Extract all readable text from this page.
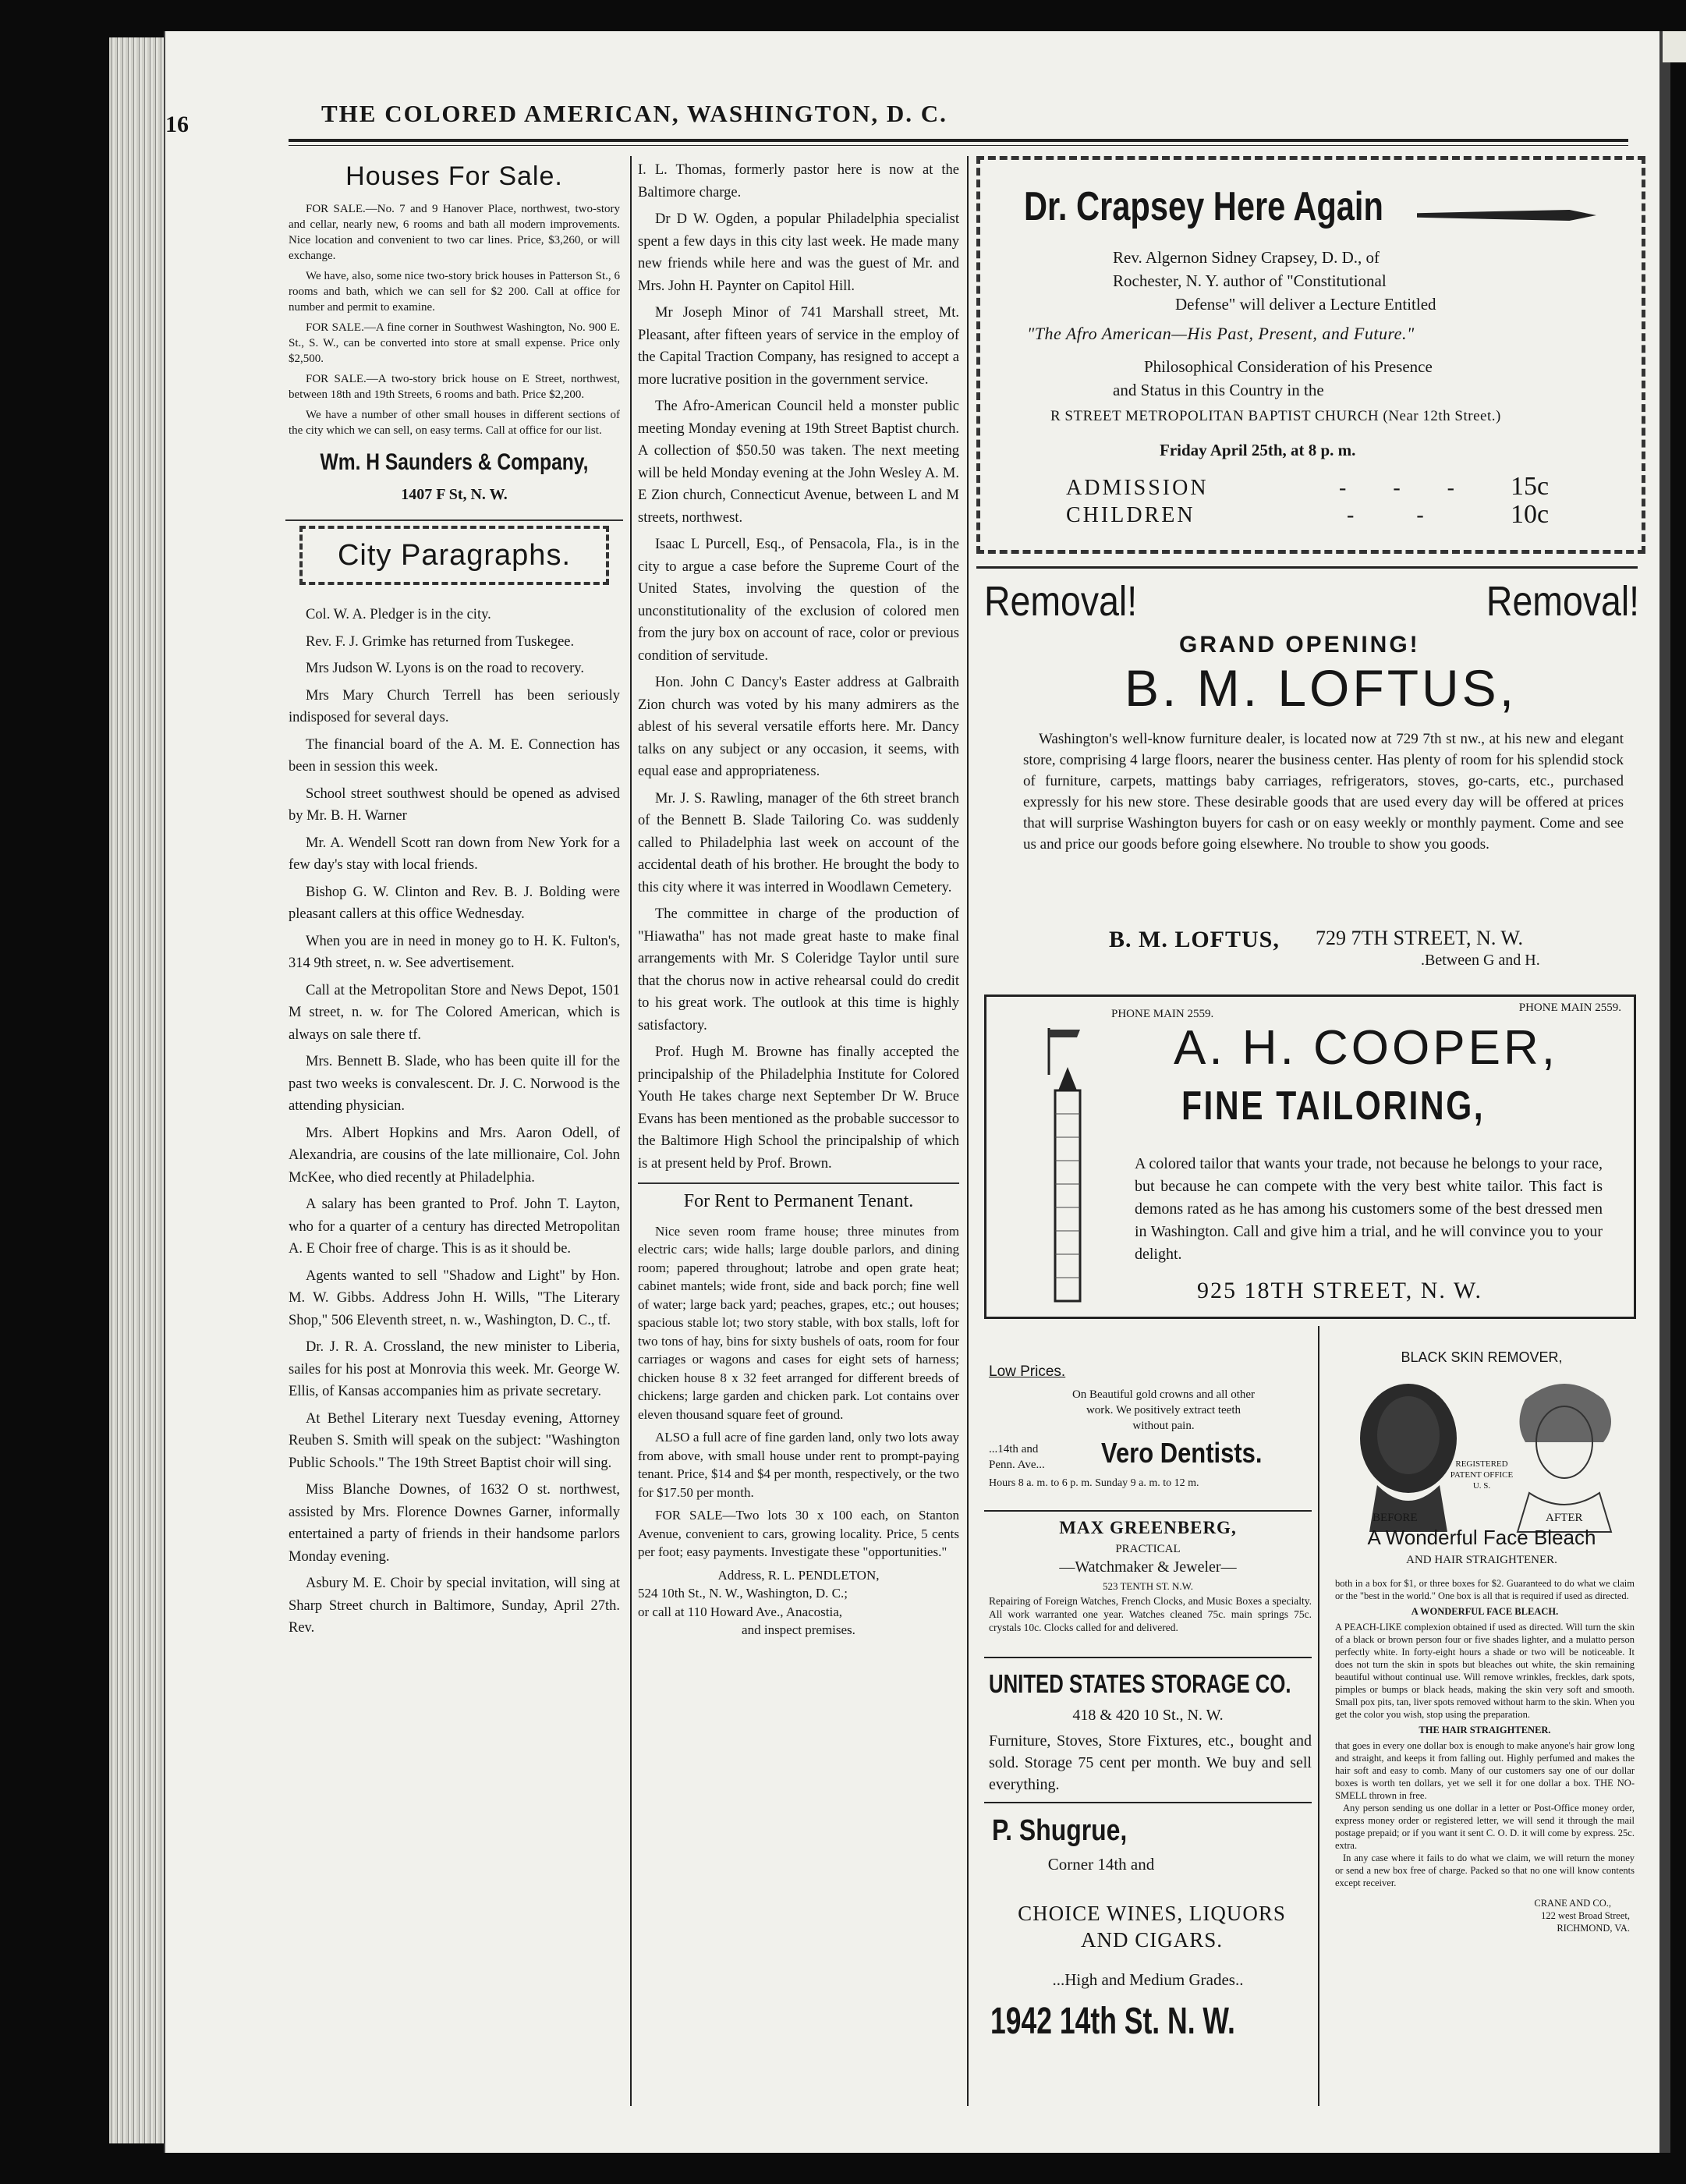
16	THE COLORED AMERICAN, WASHINGTON, D. C.
Houses For Sale.

FOR SALE.—No. 7 and 9 Hanover Place, northwest, two-story and cellar, nearly new, 6 rooms and bath all modern improvements. Nice location and convenient to two car lines. Price, $3,260, or will exchange.

We have, also, some nice two-story brick houses in Patterson St., 6 rooms and bath, which we can sell for $2 200. Call at office for number and permit to examine.

FOR SALE.—A fine corner in Southwest Washington, No. 900 E. St., S. W., can be converted into store at small expense. Price only $2,500.

FOR SALE.—A two-story brick house on E Street, northwest, between 18th and 19th Streets, 6 rooms and bath. Price $2,200.

We have a number of other small houses in different sections of the city which we can sell, on easy terms. Call at office for our list.

Wm. H Saunders & Company,
1407 F St, N. W.
City Paragraphs.

Col. W. A. Pledger is in the city.

Rev. F. J. Grimke has returned from Tuskegee.

Mrs Judson W. Lyons is on the road to recovery.

Mrs Mary Church Terrell has been seriously indisposed for several days.

The financial board of the A. M. E. Connection has been in session this week.

School street southwest should be opened as advised by Mr. B. H. Warner

Mr. A. Wendell Scott ran down from New York for a few day's stay with local friends.

Bishop G. W. Clinton and Rev. B. J. Bolding were pleasant callers at this office Wednesday.

When you are in need in money go to H. K. Fulton's, 314 9th street, n. w. See advertisement.

Call at the Metropolitan Store and News Depot, 1501 M street, n. w. for The Colored American, which is always on sale there tf.

Mrs. Bennett B. Slade, who has been quite ill for the past two weeks is convalescent. Dr. J. C. Norwood is the attending physician.

Mrs. Albert Hopkins and Mrs. Aaron Odell, of Alexandria, are cousins of the late millionaire, Col. John McKee, who died recently at Philadelphia.

A salary has been granted to Prof. John T. Layton, who for a quarter of a century has directed Metropolitan A. E Choir free of charge. This is as it should be.

Agents wanted to sell "Shadow and Light" by Hon. M. W. Gibbs. Address John H. Wills, "The Literary Shop," 506 Eleventh street, n. w., Washington, D. C., tf.

Dr. J. R. A. Crossland, the new minister to Liberia, sailes for his post at Monrovia this week. Mr. George W. Ellis, of Kansas accompanies him as private secretary.

At Bethel Literary next Tuesday evening, Attorney Reuben S. Smith will speak on the subject: "Washington Public Schools." The 19th Street Baptist choir will sing.

Miss Blanche Downes, of 1632 O st. northwest, assisted by Mrs. Florence Downes Garner, informally entertained a party of friends in their handsome parlors Monday evening.

Asbury M. E. Choir by special invitation, will sing at Sharp Street church in Baltimore, Sunday, April 27th. Rev.

I. L. Thomas, formerly pastor here is now at the Baltimore charge.

Dr D W. Ogden, a popular Philadelphia specialist spent a few days in this city last week. He made many new friends while here and was the guest of Mr. and Mrs. John H. Paynter on Capitol Hill.

Mr Joseph Minor of 741 Marshall street, Mt. Pleasant, after fifteen years of service in the employ of the Capital Traction Company, has resigned to accept a more lucrative position in the government service.

The Afro-American Council held a monster public meeting Monday evening at 19th Street Baptist church. A collection of $50.50 was taken. The next meeting will be held Monday evening at the John Wesley A. M. E Zion church, Connecticut Avenue, between L and M streets, northwest.

Isaac L Purcell, Esq., of Pensacola, Fla., is in the city to argue a case before the Supreme Court of the United States, involving the question of the unconstitutionality of the exclusion of colored men from the jury box on account of race, color or previous condition of servitude.

Hon. John C Dancy's Easter address at Galbraith Zion church was voted by his many admirers as the ablest of his several versatile efforts here. Mr. Dancy talks on any subject or any occasion, it seems, with equal ease and appropriateness.

Mr. J. S. Rawling, manager of the 6th street branch of the Bennett B. Slade Tailoring Co. was suddenly called to Philadelphia last week on account of the accidental death of his brother. He brought the body to this city where it was interred in Woodlawn Cemetery.

The committee in charge of the production of "Hiawatha" has not made great haste to make final arrangements with Mr. S Coleridge Taylor until sure that the chorus now in active rehearsal could do credit to his great work. The outlook at this time is highly satisfactory.

Prof. Hugh M. Browne has finally accepted the principalship of the Philadelphia Institute for Colored Youth He takes charge next September Dr W. Bruce Evans has been mentioned as the probable successor to the Baltimore High School the principalship of which is at present held by Prof. Brown.

For Rent to Permanent Tenant.

Nice seven room frame house; three minutes from electric cars; wide halls; large double parlors, and dining room; papered throughout; latrobe and open grate heat; cabinet mantels; wide front, side and back porch; fine well of water; large back yard; peaches, grapes, etc.; out houses; spacious stable lot; two story stable, with box stalls, loft for two tons of hay, bins for sixty bushels of oats, room for four carriages or wagons and cases for eight sets of harness; chicken house 8 x 32 feet arranged for different breeds of chickens; large garden and chicken park. Lot contains over eleven thousand square feet of ground.

ALSO a full acre of fine garden land, only two lots away from above, with small house under rent to prompt-paying tenant. Price, $14 and $4 per month, respectively, or the two for $17.50 per month.

FOR SALE—Two lots 30 x 100 each, on Stanton Avenue, convenient to cars, growing locality. Price, 5 cents per foot; easy payments. Investigate these "opportunities."

Address, R. L. PENDLETON,
524 10th St., N. W., Washington, D. C.;
or call at 110 Howard Ave., Anacostia,
and inspect premises.
Dr. Crapsey Here Again
Rev. Algernon Sidney Crapsey, D. D., of
Rochester, N. Y. author of "Constitutional
Defense" will deliver a Lecture Entitled
"The Afro American—His Past, Present, and Future."
Philosophical Consideration of his Presence
and Status in this Country in the
R STREET METROPOLITAN BAPTIST CHURCH (Near 12th Street.)
Friday April 25th, at 8 p. m.
ADMISSION	--- 15c
CHILDREN	-- 10c
Removal!	Removal!
GRAND OPENING!
B. M. LOFTUS,
Washington's well-know furniture dealer, is located now at 729 7th st nw., at his new and elegant store, comprising 4 large floors, nearer the business center. Has plenty of room for his splendid stock of furniture, carpets, mattings baby carriages, refrigerators, stoves, go-carts, etc., purchased expressly for his new store. These desirable goods that are used every day will be offered at prices that will surprise Washington buyers for cash or on easy weekly or monthly payment. Come and see us and price our goods before going elsewhere. No trouble to show you goods.
B. M. LOFTUS, 729 7TH STREET, N. W.
.Between G and H.
PHONE MAIN 2559.	PHONE MAIN 2559.
A. H. COOPER,
FINE TAILORING,
A colored tailor that wants your trade, not because he belongs to your race, but because he can compete with the very best white tailor. This fact is demons rated as he has among his customers some of the best dressed men in Washington. Call and give him a trial, and he will convince you to your delight.
925 18TH STREET, N. W.
Low Prices.
On Beautiful gold crowns and all other
work. We positively extract teeth
without pain.
...14th and
Penn. Ave... Vero Dentists.
Hours 8 a. m. to 6 p. m. Sunday 9 a. m. to 12 m.
MAX GREENBERG,
PRACTICAL
—Watchmaker & Jeweler—
523 TENTH ST. N.W.
Repairing of Foreign Watches, French Clocks, and Music Boxes a specialty. All work warranted one year. Watches cleaned 75c. main springs 75c. crystals 10c. Clocks called for and delivered.
UNITED STATES STORAGE CO.
418 & 420 10 St., N. W.
Furniture, Stoves, Store Fixtures, etc., bought and sold. Storage 75 cent per month. We buy and sell everything.
P. Shugrue,
Corner 14th and
CHOICE WINES, LIQUORS AND CIGARS.
...High and Medium Grades..
1942 14th St. N. W.
BLACK SKIN REMOVER,
REGISTERED
PATENT OFFICE
U. S.
BEFORE	AFTER
A Wonderful Face Bleach
AND HAIR STRAIGHTENER.
both in a box for $1, or three boxes for $2. Guaranteed to do what we claim or the "best in the world." One box is all that is required if used as directed.
A WONDERFUL FACE BLEACH.
A PEACH-LIKE complexion obtained if used as directed. Will turn the skin of a black or brown person four or five shades lighter, and a mulatto person perfectly white. In forty-eight hours a shade or two will be noticeable. It does not turn the skin in spots but bleaches out white, the skin remaining beautiful without continual use. Will remove wrinkles, freckles, dark spots, pimples or bumps or black heads, making the skin very soft and smooth. Small pox pits, tan, liver spots removed without harm to the skin. When you get the color you wish, stop using the preparation.
THE HAIR STRAIGHTENER.
that goes in every one dollar box is enough to make anyone's hair grow long and straight, and keeps it from falling out. Highly perfumed and makes the hair soft and easy to comb. Many of our customers say one of our dollar boxes is worth ten dollars, yet we sell it for one dollar a box. THE NO-SMELL thrown in free.
Any person sending us one dollar in a letter or Post-Office money order, express money order or registered letter, we will send it through the mail postage prepaid; or if you want it sent C. O. D. it will come by express. 25c. extra.
In any case where it fails to do what we claim, we will return the money or send a new box free of charge. Packed so that no one will know contents except receiver.
CRANE AND CO.,
122 west Broad Street,
RICHMOND, VA.
